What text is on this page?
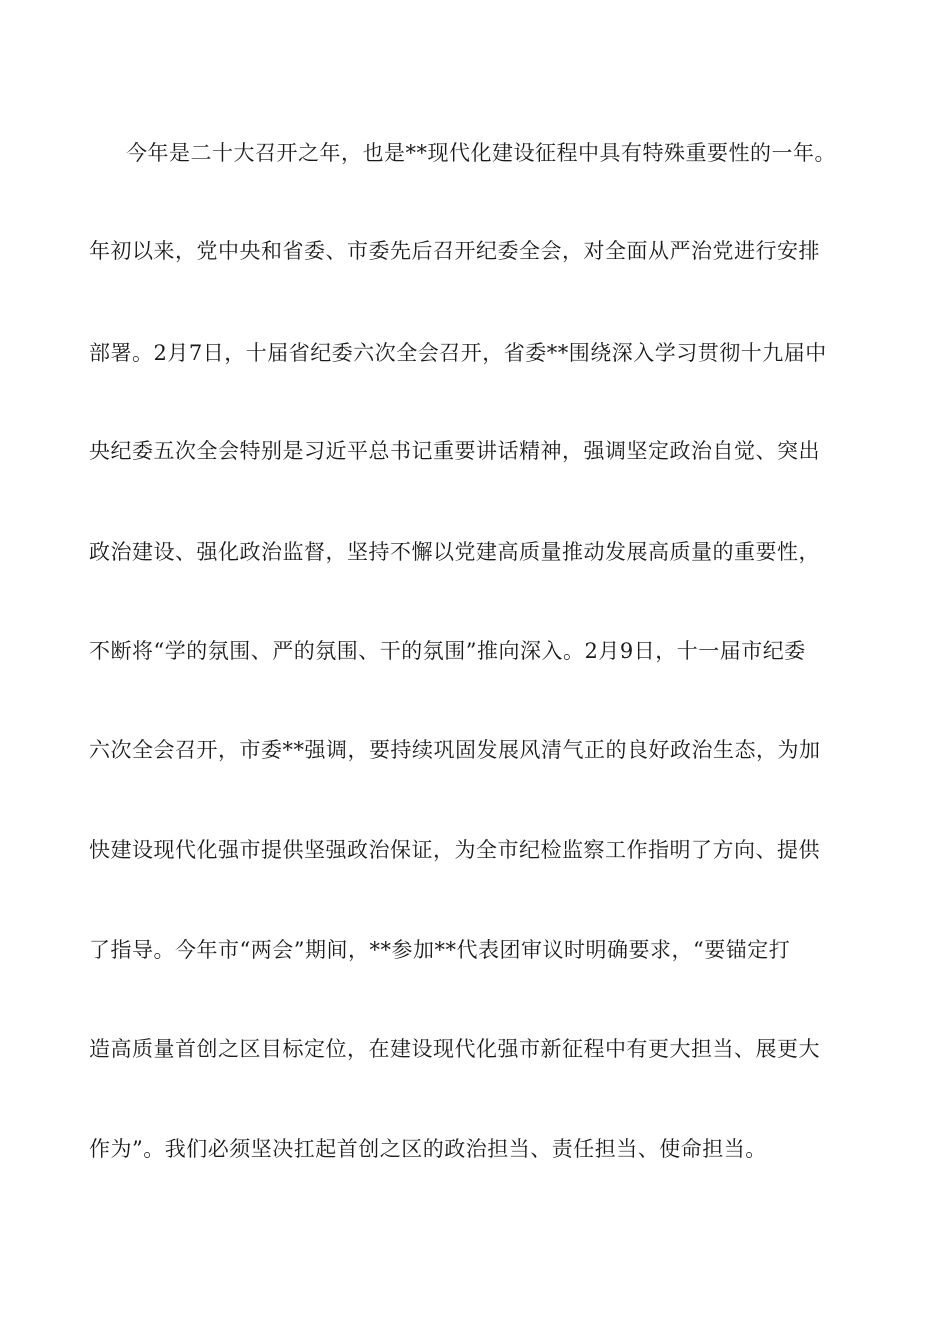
今年是二十大召开之年，也是**现代化建设征程中具有特殊重要性的一年。
年初以来，党中央和省委、市委先后召开纪委全会，对全面从严治党进行安排
部署。2月7日，十届省纪委六次全会召开，省委**围绕深入学习贯彻十九届中
央纪委五次全会特别是习近平总书记重要讲话精神，强调坚定政治自觉、突出
政治建设、强化政治监督，坚持不懈以党建高质量推动发展高质量的重要性，
不断将“学的氛围、严的氛围、干的氛围”推向深入。2月9日，十一届市纪委
六次全会召开，市委**强调，要持续巩固发展风清气正的良好政治生态，为加
快建设现代化强市提供坚强政治保证，为全市纪检监察工作指明了方向、提供
了指导。今年市“两会”期间，**参加**代表团审议时明确要求，“要锚定打
造高质量首创之区目标定位，在建设现代化强市新征程中有更大担当、展更大
作为”。我们必须坚决扛起首创之区的政治担当、责任担当、使命担当。
